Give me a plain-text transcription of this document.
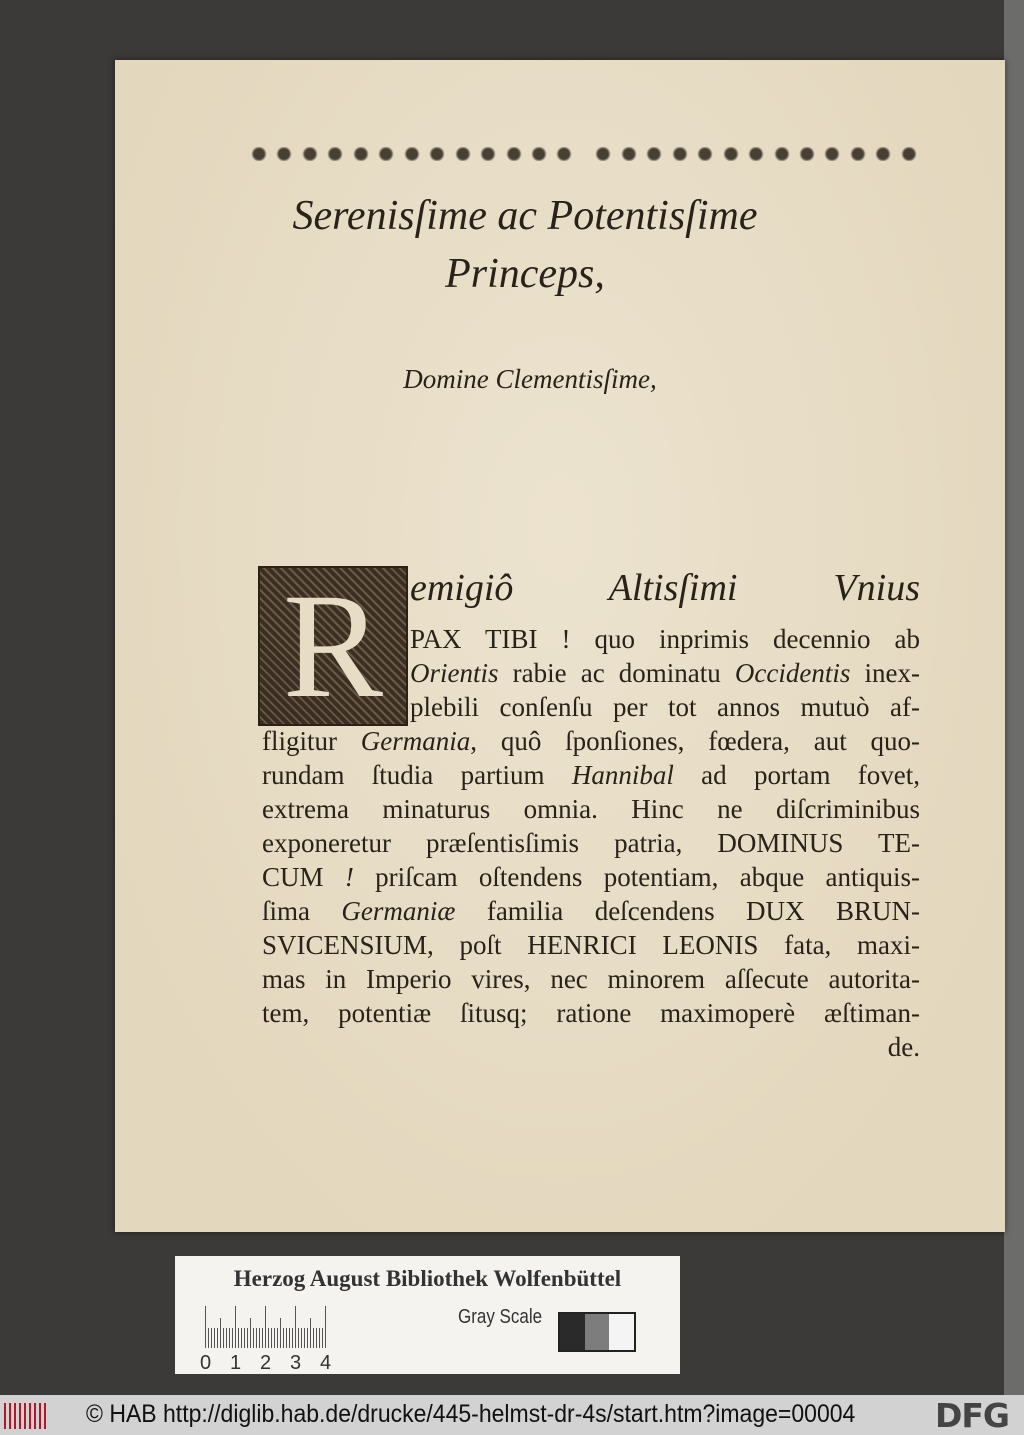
Serenisſime ac Potentisſime
Princeps,
Domine Clementisſime,
R emigiô Altisſimi Vnius
PAX TIBI ! quo inprimis decennio ab
Orientis rabie ac dominatu Occidentis inex-
plebili conſenſu per tot annos mutuò af-
fligitur Germania, quô ſponſiones, fœdera, aut quo-
rundam ſtudia partium Hannibal ad portam fovet,
extrema minaturus omnia. Hinc ne diſcriminibus
exponeretur præſentisſimis patria, DOMINUS TE-
CUM ! priſcam oſtendens potentiam, abque antiquis-
ſima Germaniæ familia deſcendens DUX BRUN-
SVICENSIUM, poſt HENRICI LEONIS fata, maxi-
mas in Imperio vires, nec minorem aſſecute autorita-
tem, potentiæ ſitusq; ratione maximoperè æſtiman-
de.
Herzog August Bibliothek Wolfenbüttel
0 1 2 3 4
Gray Scale
© HAB http://diglib.hab.de/drucke/445-helmst-dr-4s/start.htm?image=00004 DFG
